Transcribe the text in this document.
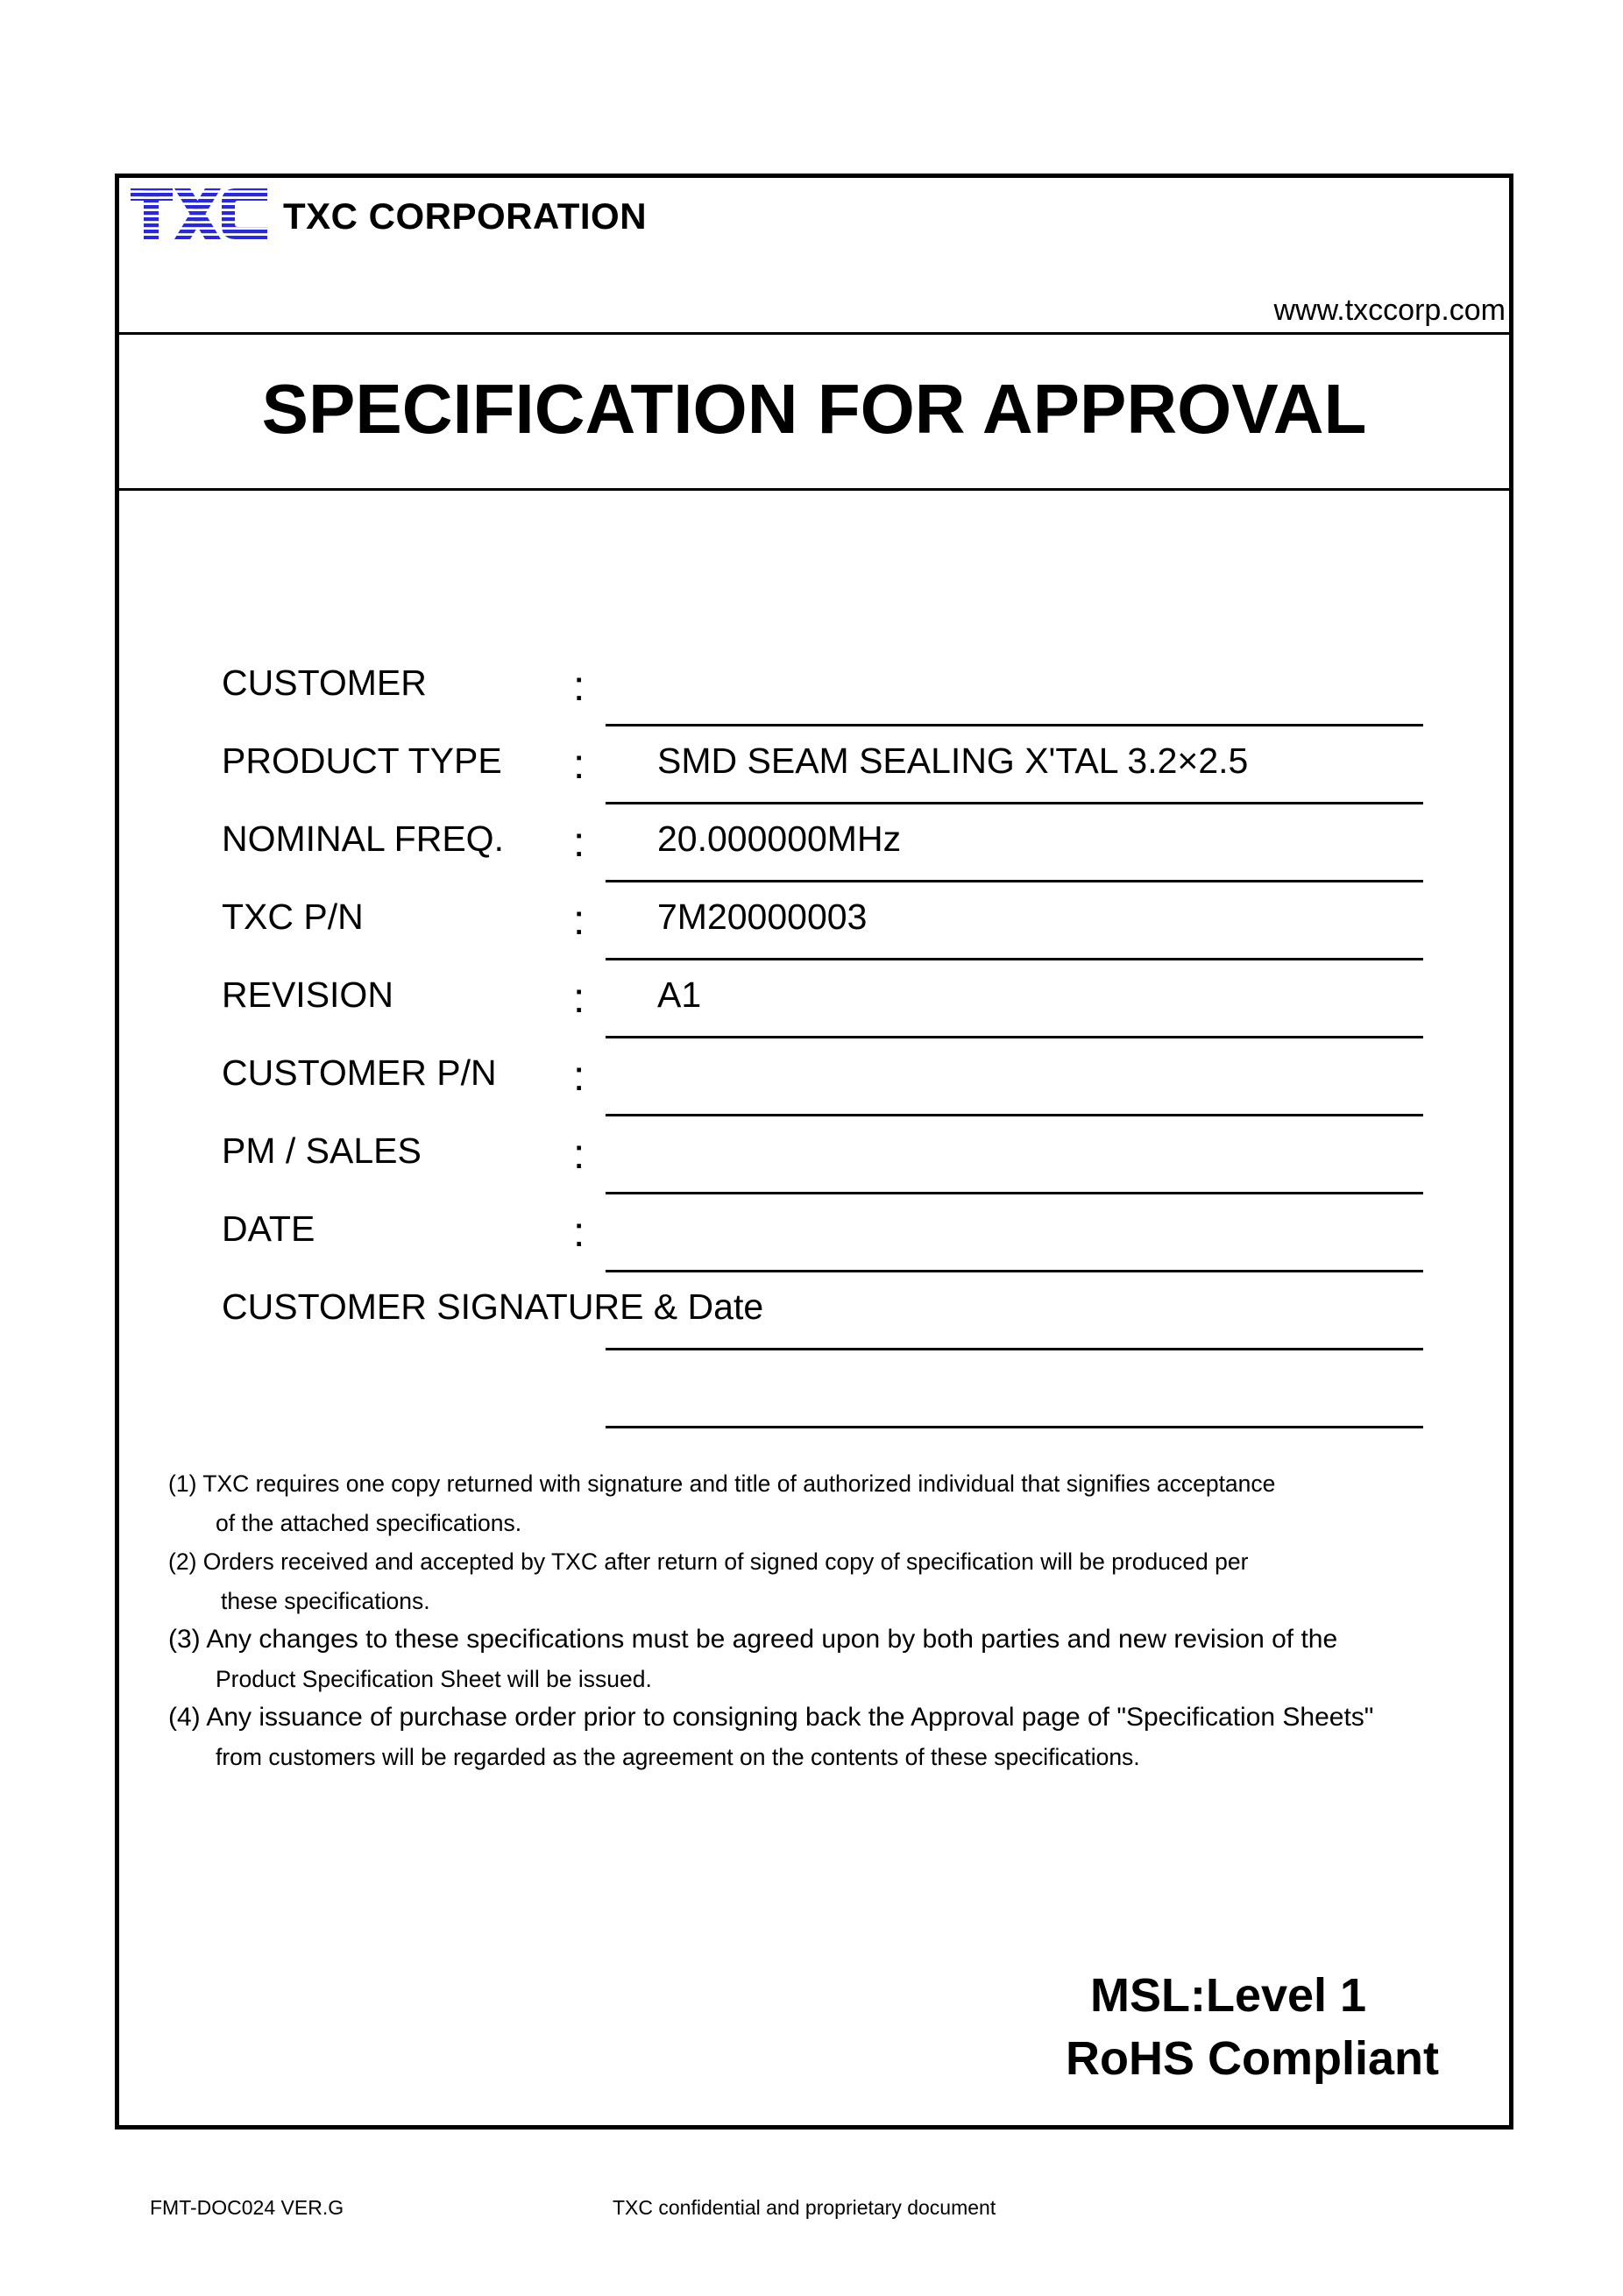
TXC CORPORATION
www.txccorp.com
SPECIFICATION FOR APPROVAL
CUSTOMER	:
PRODUCT TYPE : SMD SEAM SEALING X'TAL 3.2×2.5
NOMINAL FREQ. : 20.000000MHz
TXC P/N	: 7M20000003
REVISION	: A1
CUSTOMER P/N :
PM / SALES	:
DATE	:
CUSTOMER SIGNATURE & Date
(1) TXC requires one copy returned with signature and title of authorized individual that signifies acceptance
of the attached specifications.
(2) Orders received and accepted by TXC after return of signed copy of specification will be produced per
these specifications.
(3) Any changes to these specifications must be agreed upon by both parties and new revision of the
Product Specification Sheet will be issued.
(4) Any issuance of purchase order prior to consigning back the Approval page of "Specification Sheets"
from customers will be regarded as the agreement on the contents of these specifications.
MSL:Level 1
RoHS Compliant
FMT-DOC024 VER.G	TXC confidential and proprietary document
